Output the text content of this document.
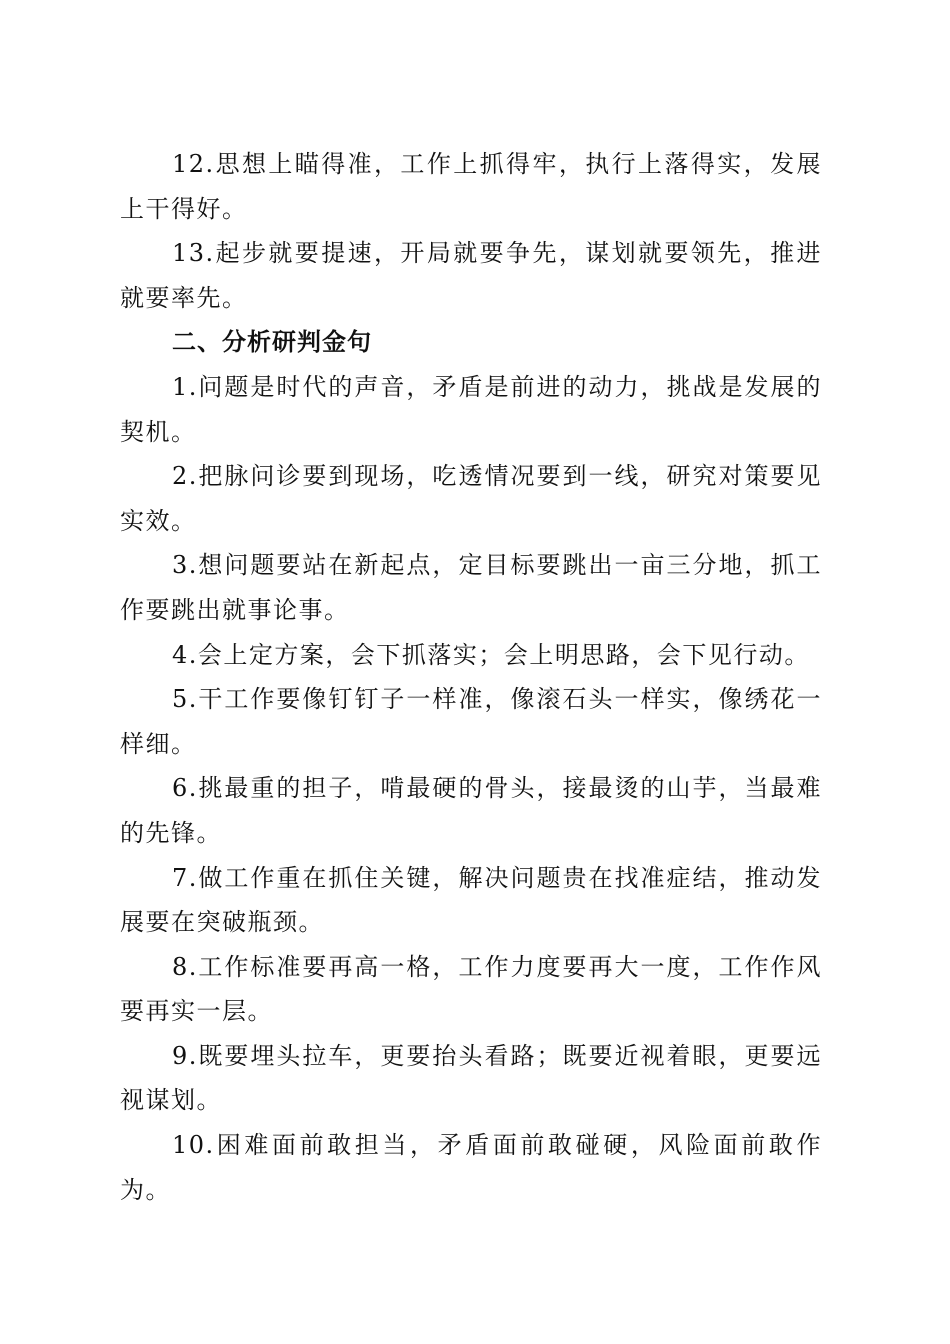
12.思想上瞄得准，工作上抓得牢，执行上落得实，发展上干得好。

13.起步就要提速，开局就要争先，谋划就要领先，推进就要率先。

二、分析研判金句

1.问题是时代的声音，矛盾是前进的动力，挑战是发展的契机。

2.把脉问诊要到现场，吃透情况要到一线，研究对策要见实效。

3.想问题要站在新起点，定目标要跳出一亩三分地，抓工作要跳出就事论事。

4.会上定方案，会下抓落实；会上明思路，会下见行动。

5.干工作要像钉钉子一样准，像滚石头一样实，像绣花一样细。

6.挑最重的担子，啃最硬的骨头，接最烫的山芋，当最难的先锋。

7.做工作重在抓住关键，解决问题贵在找准症结，推动发展要在突破瓶颈。

8.工作标准要再高一格，工作力度要再大一度，工作作风要再实一层。

9.既要埋头拉车，更要抬头看路；既要近视着眼，更要远视谋划。

10.困难面前敢担当，矛盾面前敢碰硬，风险面前敢作为。
